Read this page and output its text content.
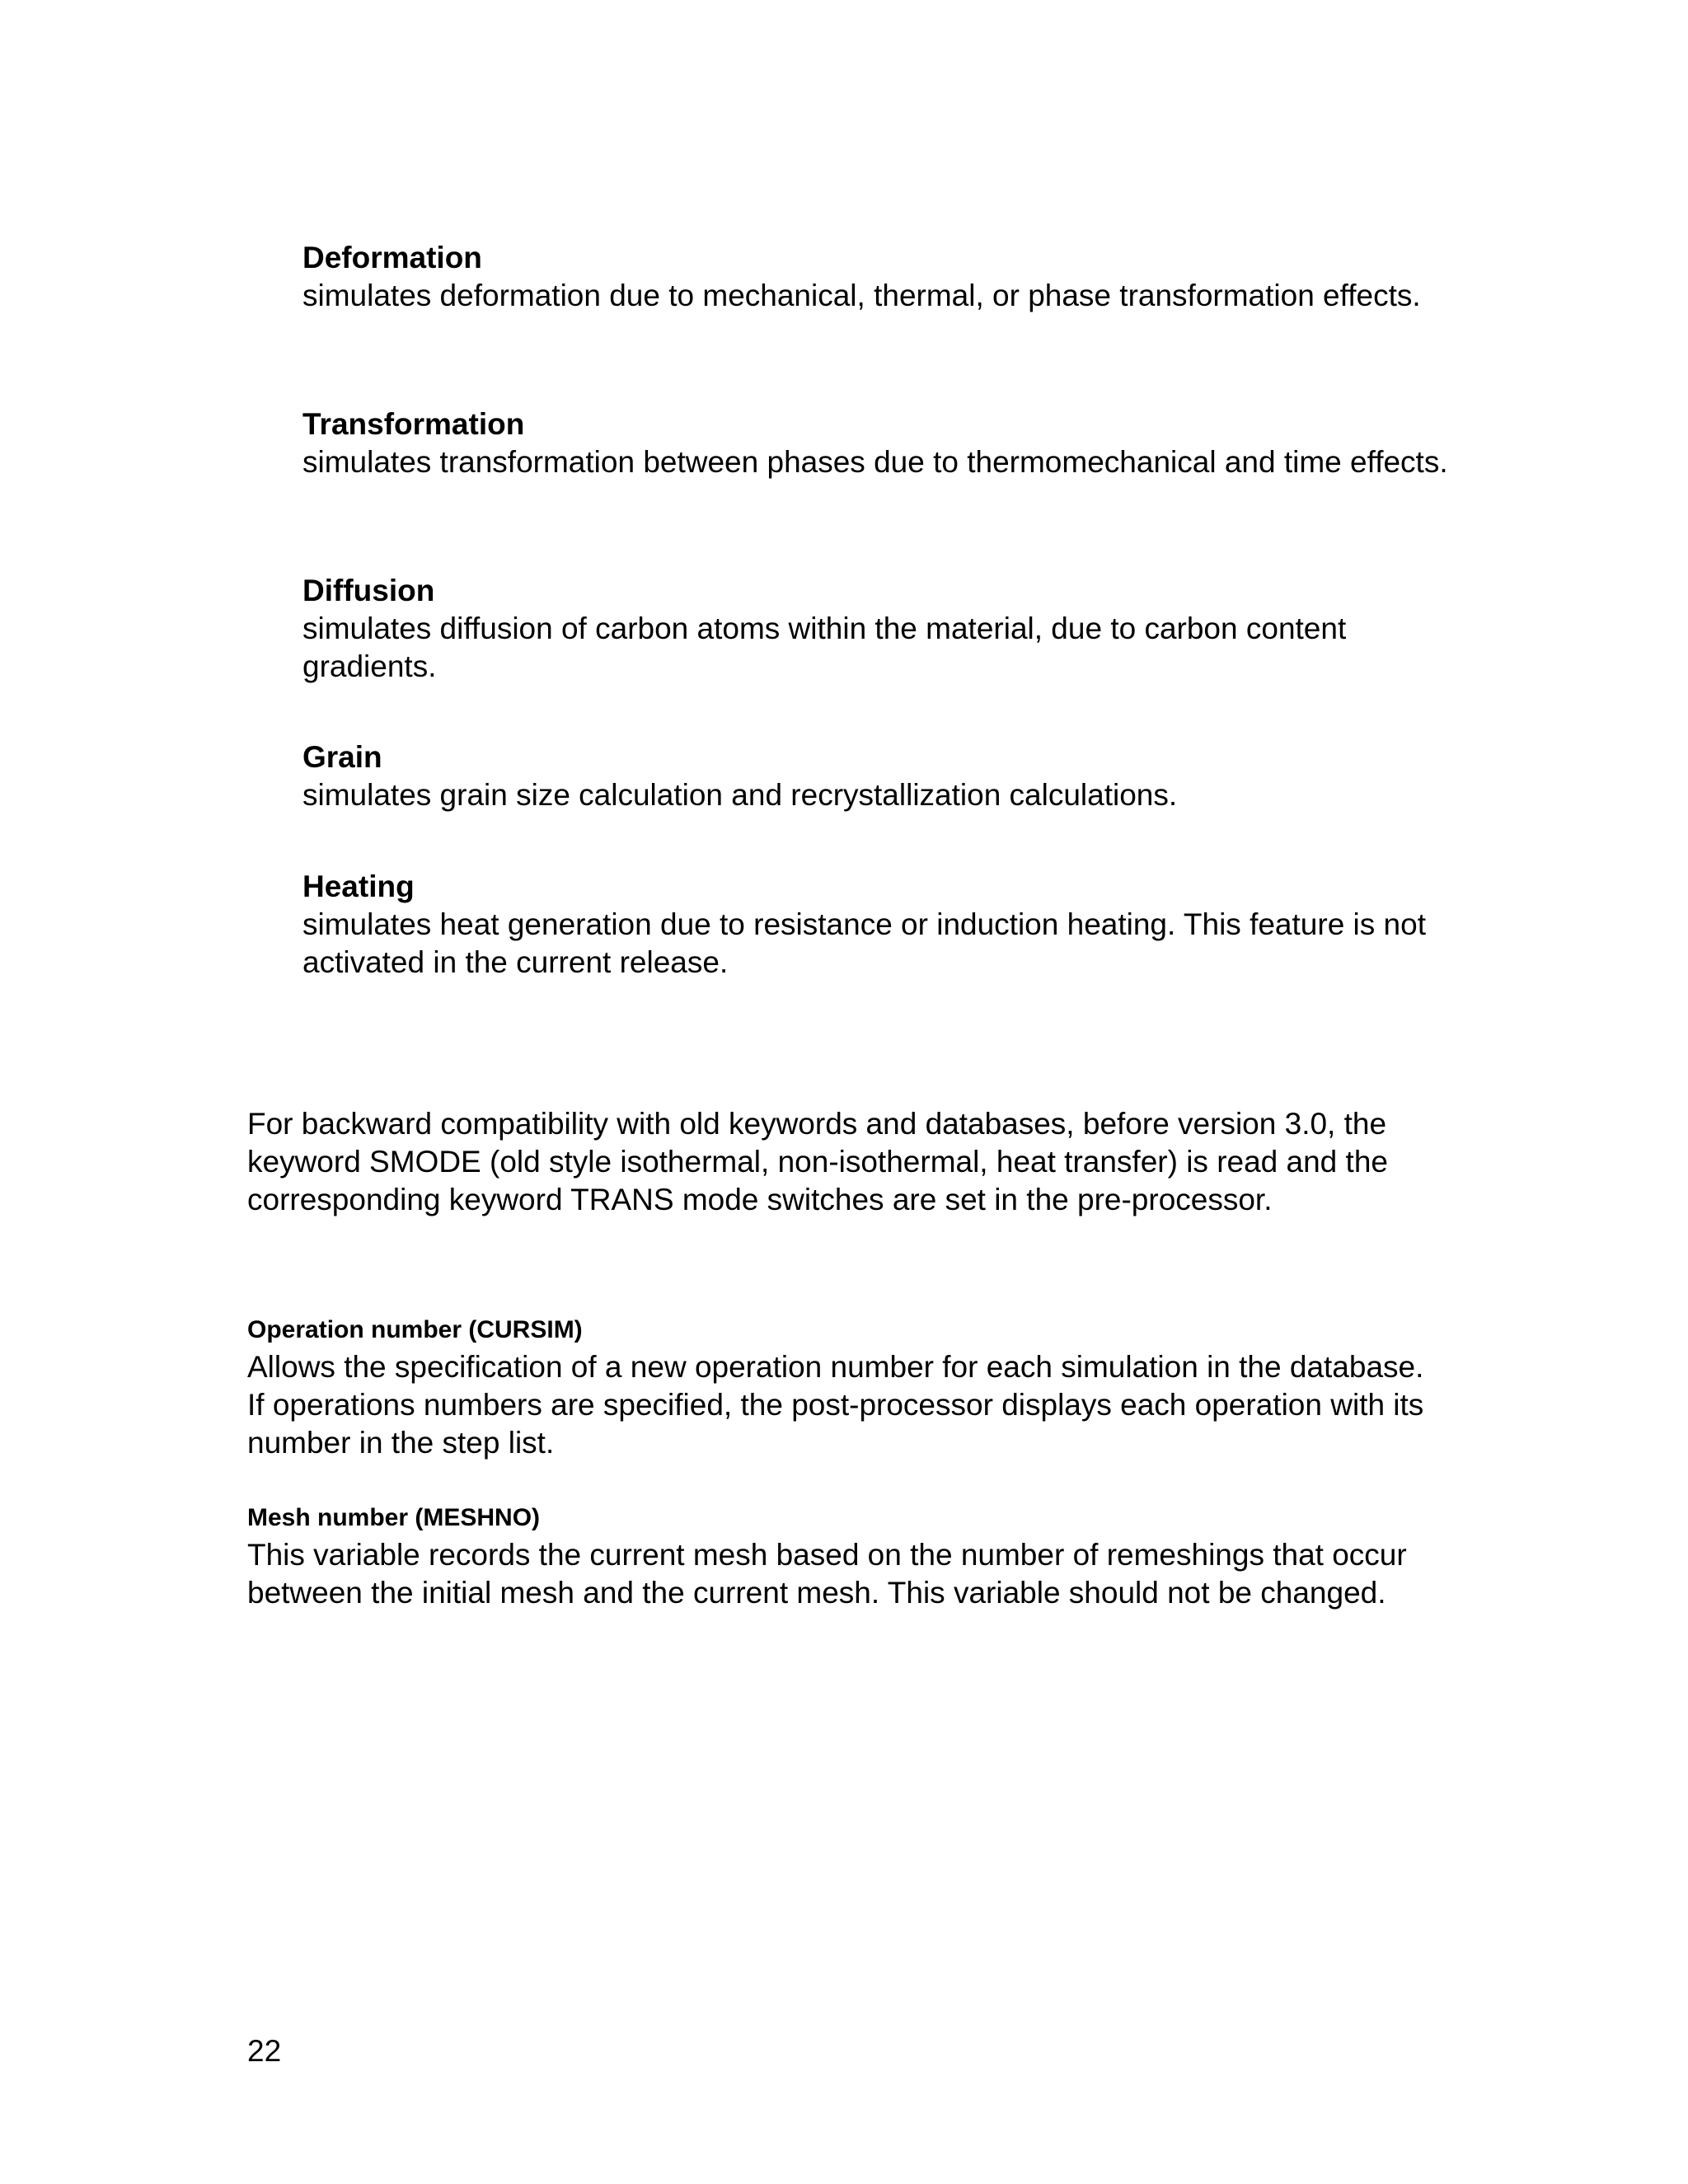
Deformation

simulates deformation due to mechanical, thermal, or phase transformation effects.

Transformation

simulates transformation between phases due to thermomechanical and time effects.

Diffusion

simulates diffusion of carbon atoms within the material, due to carbon content gradients.

Grain

simulates grain size calculation and recrystallization calculations.

Heating

simulates heat generation due to resistance or induction heating. This feature is not activated in the current release.

For backward compatibility with old keywords and databases, before version 3.0, the keyword SMODE (old style isothermal, non-isothermal, heat transfer) is read and the corresponding keyword TRANS mode switches are set in the pre-processor.

Operation number (CURSIM)

Allows the specification of a new operation number for each simulation in the database. If operations numbers are specified, the post-processor displays each operation with its number in the step list.

Mesh number (MESHNO)

This variable records the current mesh based on the number of remeshings that occur between the initial mesh and the current mesh. This variable should not be changed.

22
